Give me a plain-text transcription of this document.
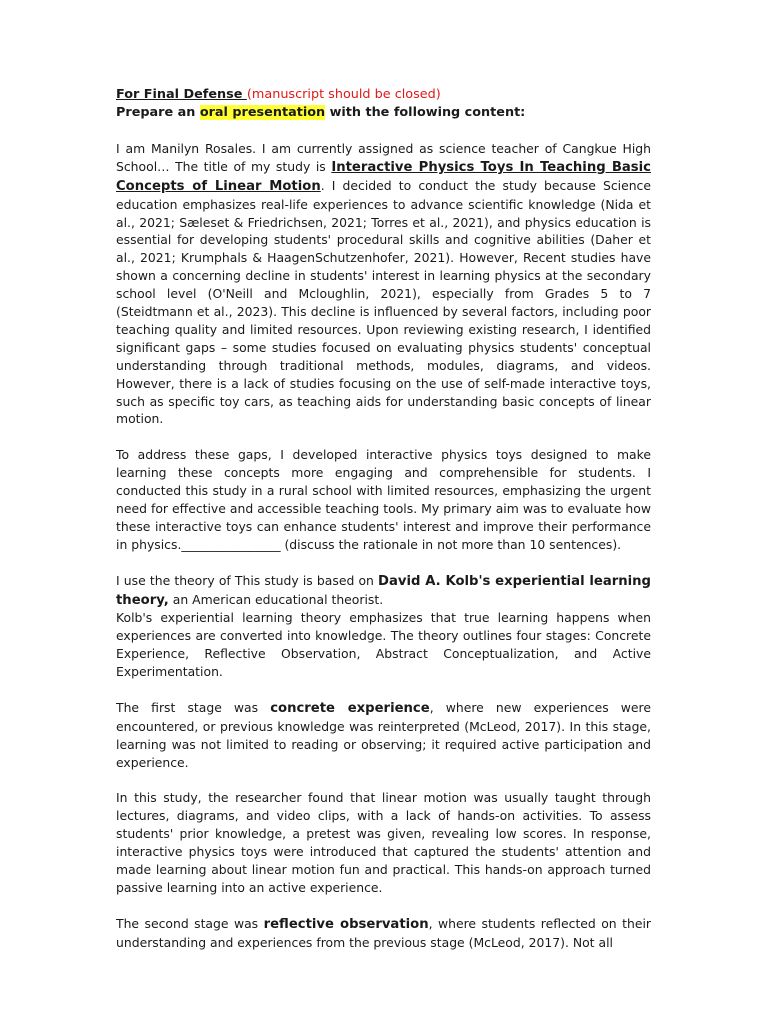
For Final Defense (manuscript should be closed)
Prepare an oral presentation with the following content:

I am Manilyn Rosales. I am currently assigned as science teacher of Cangkue High School… The title of my study is Interactive Physics Toys In Teaching Basic Concepts of Linear Motion. I decided to conduct the study because Science education emphasizes real-life experiences to advance scientific knowledge (Nida et al., 2021; Sæleset & Friedrichsen, 2021; Torres et al., 2021), and physics education is essential for developing students' procedural skills and cognitive abilities (Daher et al., 2021; Krumphals & HaagenSchutzenhofer, 2021). However, Recent studies have shown a concerning decline in students' interest in learning physics at the secondary school level (O'Neill and Mcloughlin, 2021), especially from Grades 5 to 7 (Steidtmann et al., 2023). This decline is influenced by several factors, including poor teaching quality and limited resources. Upon reviewing existing research, I identified significant gaps – some studies focused on evaluating physics students' conceptual understanding through traditional methods, modules, diagrams, and videos. However, there is a lack of studies focusing on the use of self-made interactive toys, such as specific toy cars, as teaching aids for understanding basic concepts of linear motion.

To address these gaps, I developed interactive physics toys designed to make learning these concepts more engaging and comprehensible for students. I conducted this study in a rural school with limited resources, emphasizing the urgent need for effective and accessible teaching tools. My primary aim was to evaluate how these interactive toys can enhance students' interest and improve their performance in physics.________________ (discuss the rationale in not more than 10 sentences).

I use the theory of This study is based on David A. Kolb's experiential learning theory, an American educational theorist.

Kolb's experiential learning theory emphasizes that true learning happens when experiences are converted into knowledge. The theory outlines four stages: Concrete Experience, Reflective Observation, Abstract Conceptualization, and Active Experimentation.

The first stage was concrete experience, where new experiences were encountered, or previous knowledge was reinterpreted (McLeod, 2017). In this stage, learning was not limited to reading or observing; it required active participation and experience.

In this study, the researcher found that linear motion was usually taught through lectures, diagrams, and video clips, with a lack of hands-on activities. To assess students' prior knowledge, a pretest was given, revealing low scores. In response, interactive physics toys were introduced that captured the students' attention and made learning about linear motion fun and practical. This hands-on approach turned passive learning into an active experience.

The second stage was reflective observation, where students reflected on their understanding and experiences from the previous stage (McLeod, 2017). Not all
